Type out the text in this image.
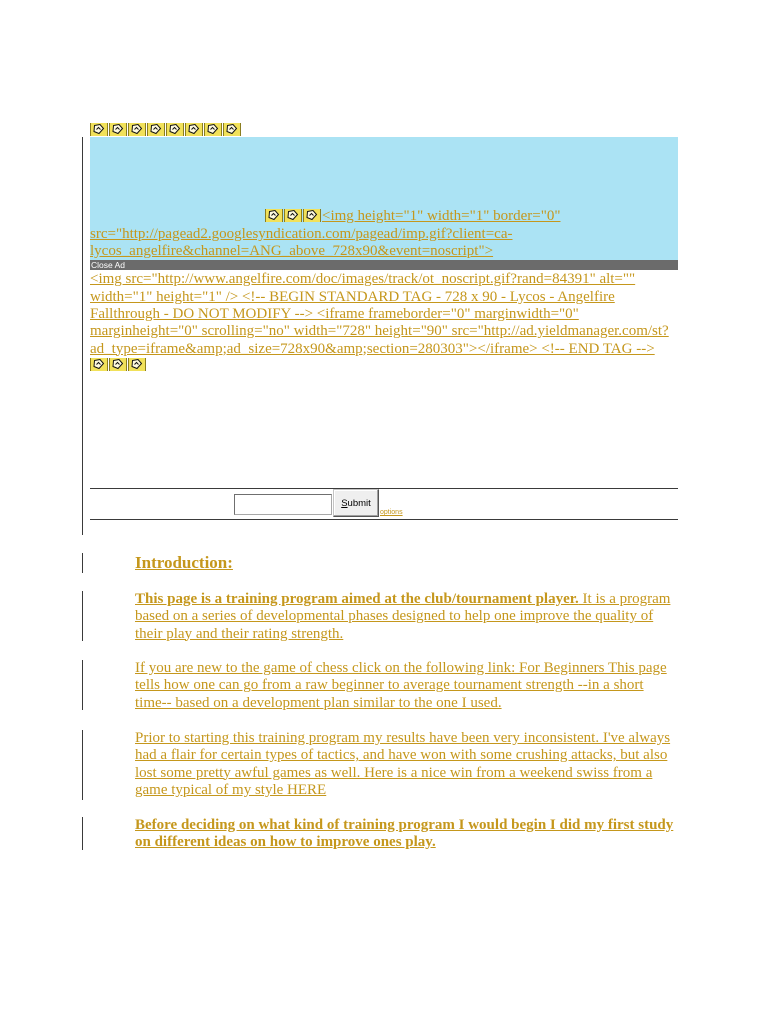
<img height="1" width="1" border="0"
src="http://pagead2.googlesyndication.com/pagead/imp.gif?client=ca-
lycos_angelfire&channel=ANG_above_728x90&event=noscript">
Close Ad
<img src="http://www.angelfire.com/doc/images/track/ot_noscript.gif?rand=84391" alt=""
width="1" height="1" /> <!-- BEGIN STANDARD TAG - 728 x 90 - Lycos - Angelfire
Fallthrough - DO NOT MODIFY --> <iframe frameborder="0" marginwidth="0"
marginheight="0" scrolling="no" width="728" height="90" src="http://ad.yieldmanager.com/st?
ad_type=iframe&amp;ad_size=728x90&amp;section=280303"></iframe> <!-- END TAG -->
Submit
options
Introduction:
This page is a training program aimed at the club/tournament player. It is a program
based on a series of developmental phases designed to help one improve the quality of
their play and their rating strength.
If you are new to the game of chess click on the following link: For Beginners This page
tells how one can go from a raw beginner to average tournament strength --in a short
time-- based on a development plan similar to the one I used.
Prior to starting this training program my results have been very inconsistent. I've always
had a flair for certain types of tactics, and have won with some crushing attacks, but also
lost some pretty awful games as well. Here is a nice win from a weekend swiss from a
game typical of my style HERE
Before deciding on what kind of training program I would begin I did my first study
on different ideas on how to improve ones play.
